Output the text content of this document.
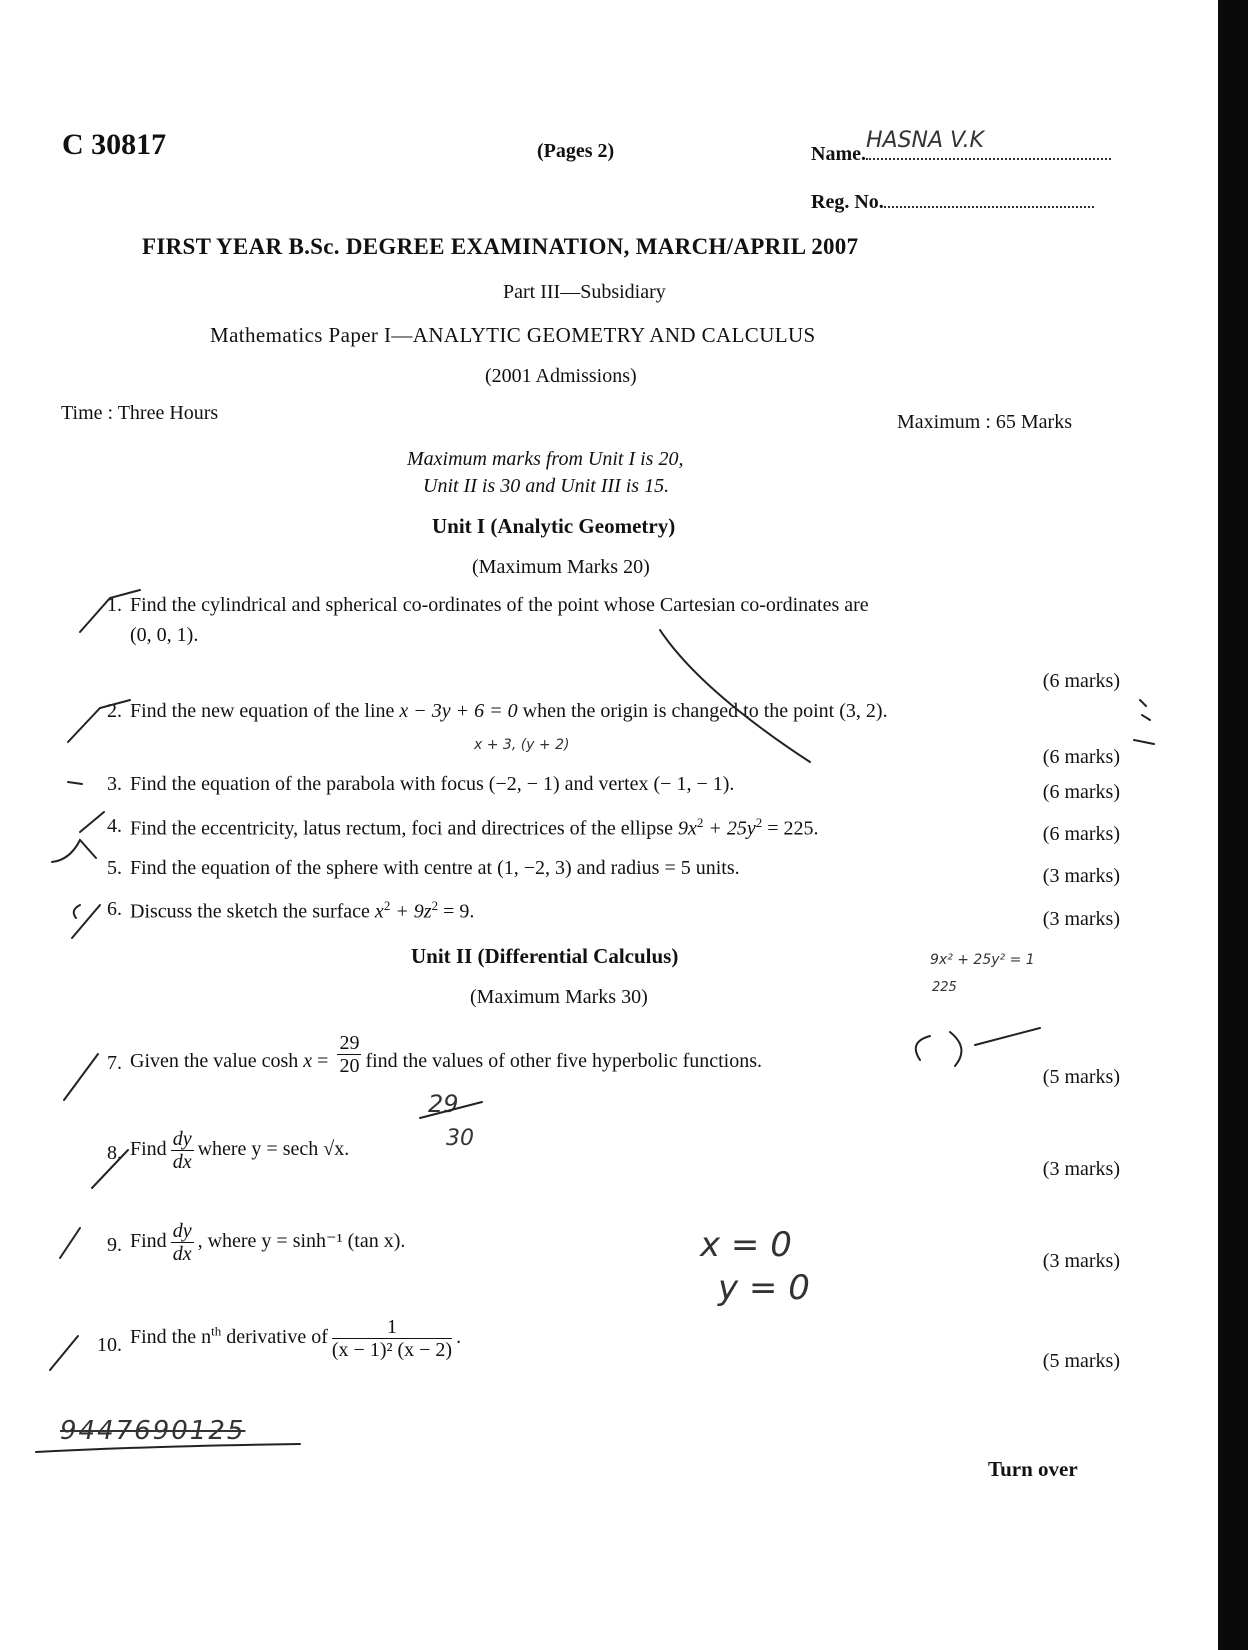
C 30817	(Pages 2)	Name.
HASNA V.K
Reg. No.
FIRST YEAR B.Sc. DEGREE EXAMINATION, MARCH/APRIL 2007
Part III—Subsidiary
Mathematics Paper I—ANALYTIC GEOMETRY AND CALCULUS
(2001 Admissions)
Time : Three Hours	Maximum : 65 Marks
Maximum marks from Unit I is 20,
Unit II is 30 and Unit III is 15.
Unit I (Analytic Geometry)
(Maximum Marks 20)
1. Find the cylindrical and spherical co-ordinates of the point whose Cartesian co-ordinates are
(0, 0, 1).
(6 marks)
2. Find the new equation of the line x − 3y + 6 = 0 when the origin is changed to the point (3, 2).
(6 marks)
3. Find the equation of the parabola with focus (−2, − 1) and vertex (− 1, − 1).	(6 marks)
4. Find the eccentricity, latus rectum, foci and directrices of the ellipse $9x^2 + 25y^2 = 225$.	(6 marks)
5. Find the equation of the sphere with centre at (1, −2, 3) and radius = 5 units.	(3 marks)
6. Discuss the sketch the surface $x^2 + 9z^2 = 9$.	(3 marks)
Unit II (Differential Calculus)
(Maximum Marks 30)
7. Given the value $\cosh x = \frac{29}{20}$ find the values of other five hyperbolic functions.
(5 marks)
8. Find $\frac{dy}{dx}$ where y = sech √x.
(3 marks)
9. Find $\frac{dy}{dx}$ , where y = sinh⁻¹ (tan x).
(3 marks)
10. Find the $n^{th}$ derivative of $\frac{1}{\text{(x − 1)² (x − 2)}}$ .
(5 marks)
Turn over
x + 3, (y + 2)
9x² + 25y² = 1
225
29
30
x = 0
y = 0
9447690125
